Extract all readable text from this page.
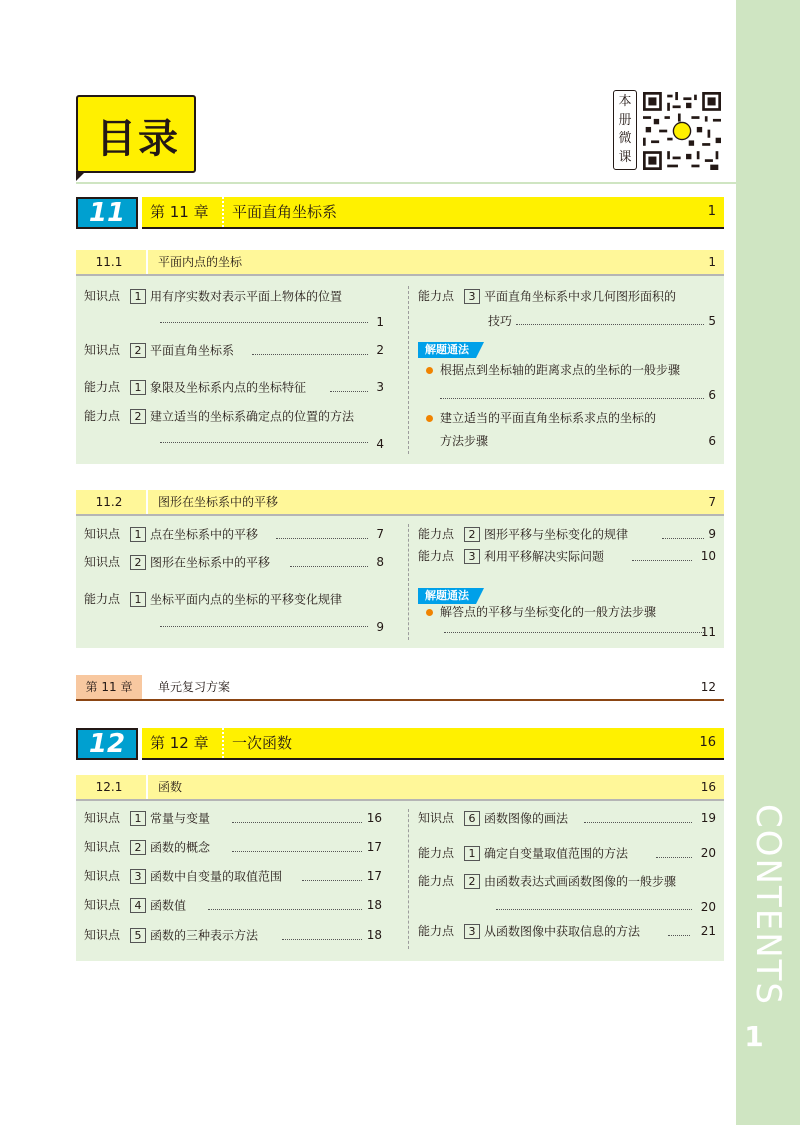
CONTENTS
1
目录
本
册
微
课
11	第 11 章 平面直角坐标系	1
11.1	平面内点的坐标	1
知识点 1 用有序实数对表示平面上物体的位置
1
知识点 2 平面直角坐标系	2
能力点 1 象限及坐标系内点的坐标特征	3
能力点 2 建立适当的坐标系确定点的位置的方法
4
能力点 3 平面直角坐标系中求几何图形面积的
技巧	5
解题通法
根据点到坐标轴的距离求点的坐标的一般步骤
6
建立适当的平面直角坐标系求点的坐标的
方法步骤	6
11.2	图形在坐标系中的平移	7
知识点 1 点在坐标系中的平移	7
知识点 2 图形在坐标系中的平移	8
能力点 1 坐标平面内点的坐标的平移变化规律
9
能力点 2 图形平移与坐标变化的规律	9
能力点 3 利用平移解决实际问题	10
解题通法
解答点的平移与坐标变化的一般方法步骤
11
第 11 章	单元复习方案	12
12	第 12 章 一次函数	16
12.1	函数	16
知识点 1 常量与变量	16
知识点 2 函数的概念	17
知识点 3 函数中自变量的取值范围	17
知识点 4 函数值	18
知识点 5 函数的三种表示方法	18
知识点 6 函数图像的画法	19
能力点 1 确定自变量取值范围的方法	20
能力点 2 由函数表达式画函数图像的一般步骤
20
能力点 3 从函数图像中获取信息的方法	21
